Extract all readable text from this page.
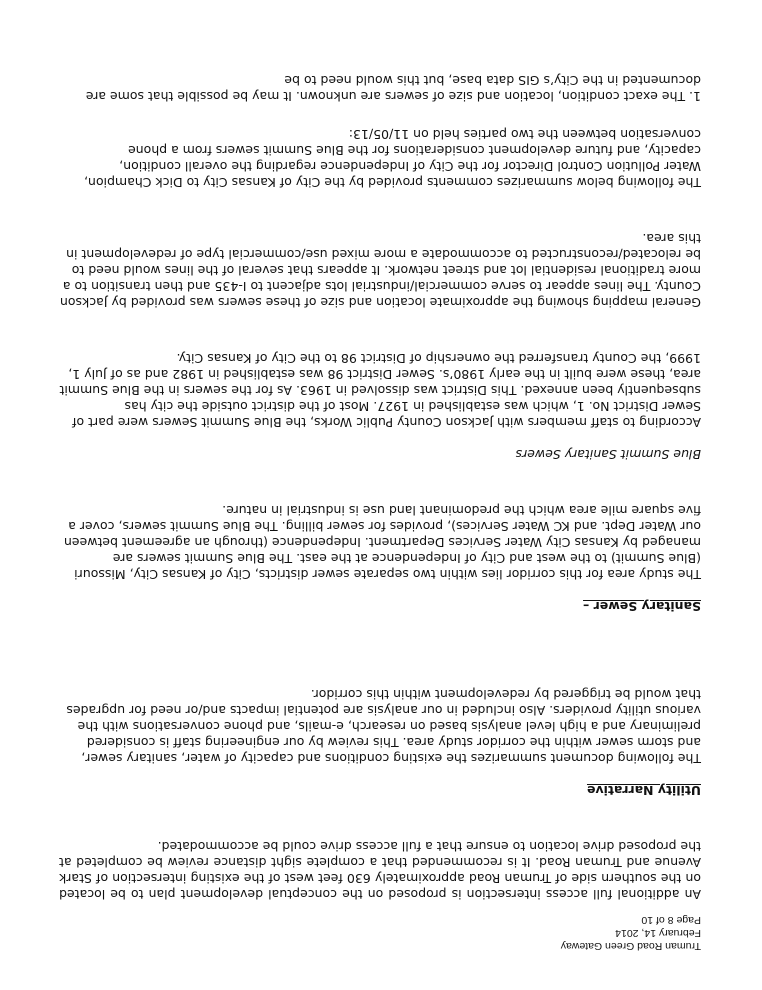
Truman Road Green Gateway
February 14, 2014
Page 8 of 10

An additional full access intersection is proposed on the conceptual development plan to be located on the southern side of Truman Road approximately 630 feet west of the existing intersection of Stark Avenue and Truman Road. It is recommended that a complete sight distance review be completed at the proposed drive location to ensure that a full access drive could be accommodated.

Utility Narrative

The following document summarizes the existing conditions and capacity of water, sanitary sewer, and storm sewer within the corridor study area. This review by our engineering staff is considered preliminary and a high level analysis based on research, e-mails, and phone conversations with the various utility providers. Also included in our analysis are potential impacts and/or need for upgrades that would be triggered by redevelopment within this corridor.

Sanitary Sewer –

The study area for this corridor lies within two separate sewer districts, City of Kansas City, Missouri (Blue Summit) to the west and City of Independence at the east. The Blue Summit sewers are managed by Kansas City Water Services Department. Independence (through an agreement between our Water Dept. and KC Water Services), provides for sewer billing. The Blue Summit sewers, cover a five square mile area which the predominant land use is industrial in nature.

Blue Summit Sanitary Sewers

According to staff members with Jackson County Public Works, the Blue Summit Sewers were part of Sewer District No. 1, which was established in 1927. Most of the district outside the city has subsequently been annexed. This District was dissolved in 1963. As for the sewers in the Blue Summit area, these were built in the early 1980’s. Sewer District 98 was established in 1982 and as of July 1, 1999, the County transferred the ownership of District 98 to the City of Kansas City.

General mapping showing the approximate location and size of these sewers was provided by Jackson County. The lines appear to serve commercial/industrial lots adjacent to I-435 and then transition to a more traditional residential lot and street network. It appears that several of the lines would need to be relocated/reconstructed to accommodate a more mixed use/commercial type of redevelopment in this area.

The following below summarizes comments provided by the City of Kansas City to Dick Champion, Water Pollution Control Director for the City of Independence regarding the overall condition, capacity, and future development considerations for the Blue Summit sewers from a phone conversation between the two parties held on 11/05/13:

1. The exact condition, location and size of sewers are unknown. It may be possible that some are documented in the City’s GIS data base, but this would need to be
